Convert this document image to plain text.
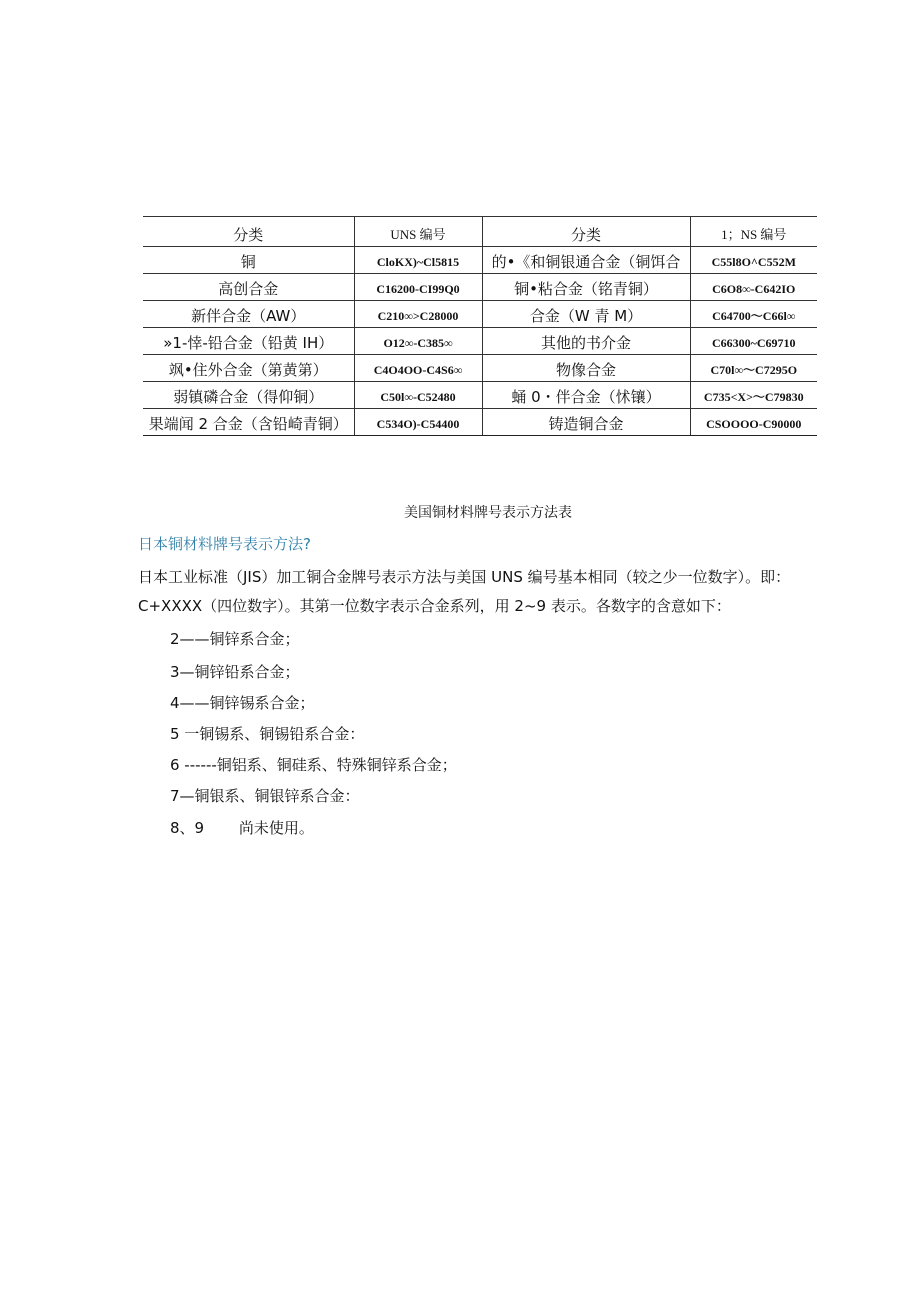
分类	UNS 编号	分类	1；NS 编号
铜	CloKX)~Cl5815	的•《和铜银通合金（铜饵合	C55l8O^C552M
高创合金	C16200-CI99Q0	铜•粘合金（铭青铜）	C6O8∞-C642IO
新伴合金（AW）	C210∞>C28000	合金（W 青 M）	C64700～C66l∞
»1-悻-铅合金（铅黄 IH）	O12∞-C385∞	其他的书介金	C66300~C69710
飒•住外合金（第黄第）	C4O4OO-C4S6∞	物像合金	C70l∞～C7295O
弱镇磷合金（得仰铜）	C50l∞-C52480	蛹 0・伴合金（怵镶）	C735<X>～C79830
果端闻 2 合金（含铅崎青铜）	C534O)-C54400	铸造铜合金	CSOOOO-C90000
美国铜材料牌号表示方法表
日本铜材料牌号表示方法?
日本工业标准（JIS）加工铜合金牌号表示方法与美国 UNS 编号基本相同（较之少一位数字）。即：
C+XXXX（四位数字）。其第一位数字表示合金系列，用 2~9 表示。各数字的含意如下：
2——铜锌系合金；
3—铜锌铅系合金；
4——铜锌锡系合金；
5 一铜锡系、铜锡铅系合金：
6 ------铜铝系、铜硅系、特殊铜锌系合金；
7—铜银系、铜银锌系合金：
8、9　　 尚未使用。
